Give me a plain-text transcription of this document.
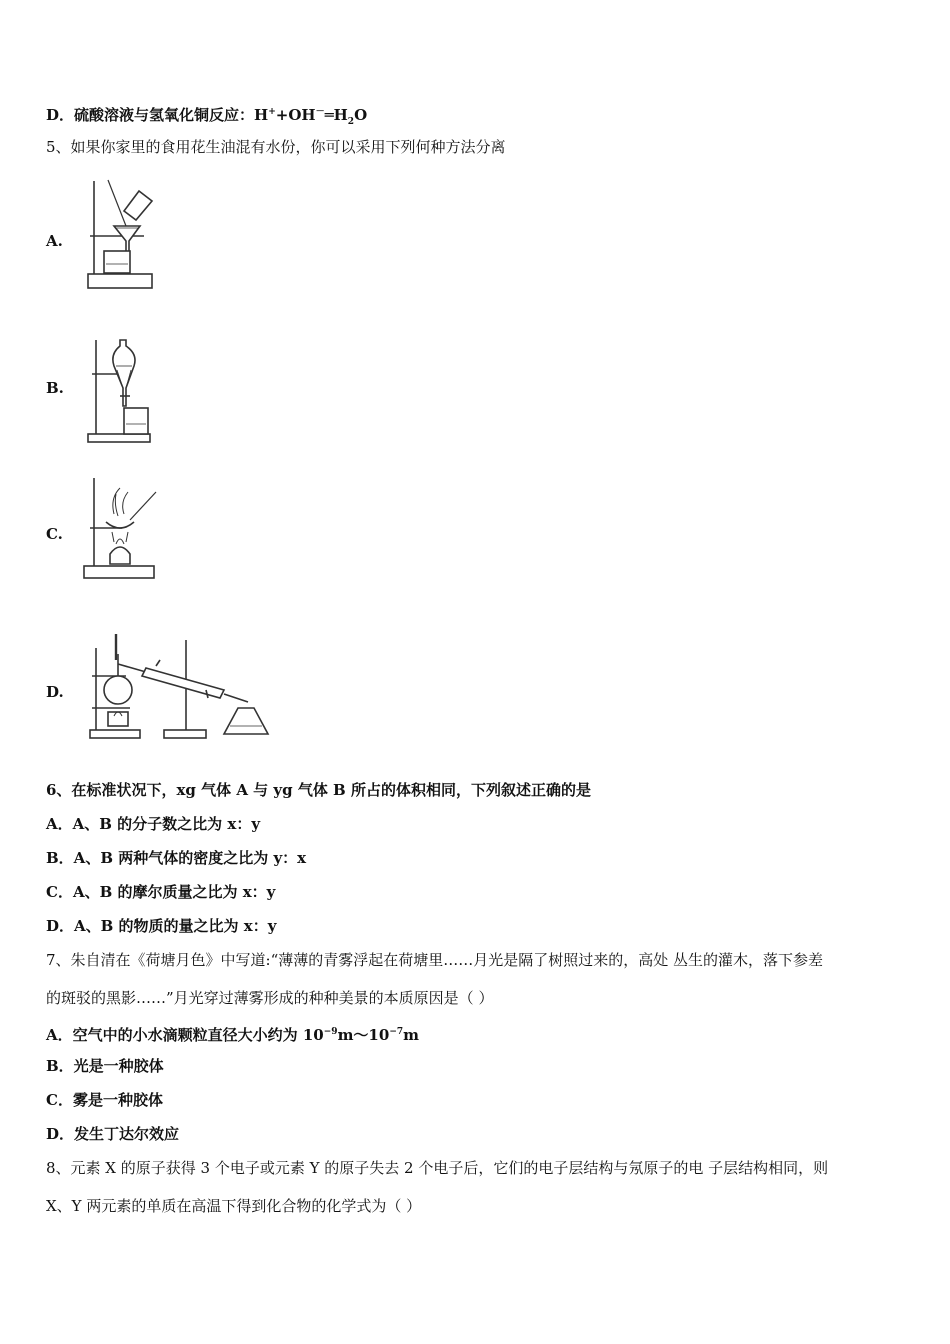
D．硫酸溶液与氢氧化铜反应：$H^++OH^-═H_2O$
5、如果你家里的食用花生油混有水份，你可以采用下列何种方法分离
A.
B.
C.
D.
6、在标准状况下，xg 气体 A 与 yg 气体 B 所占的体积相同，下列叙述正确的是
A．A、B 的分子数之比为 x：y
B．A、B 两种气体的密度之比为 y：x
C．A、B 的摩尔质量之比为 x：y
D．A、B 的物质的量之比为 x：y
7、朱自清在《荷塘月色》中写道:“薄薄的青雾浮起在荷塘里……月光是隔了树照过来的，高处 丛生的灌木，落下参差
的斑驳的黑影……”月光穿过薄雾形成的种种美景的本质原因是（ ）
A．空气中的小水滴颗粒直径大小约为 $10^{-9}m\sim 10^{-7}m$
B．光是一种胶体
C．雾是一种胶体
D．发生丁达尔效应
8、元素 X 的原子获得 3 个电子或元素 Y 的原子失去 2 个电子后，它们的电子层结构与氖原子的电 子层结构相同，则
X、Y 两元素的单质在高温下得到化合物的化学式为（ ）
